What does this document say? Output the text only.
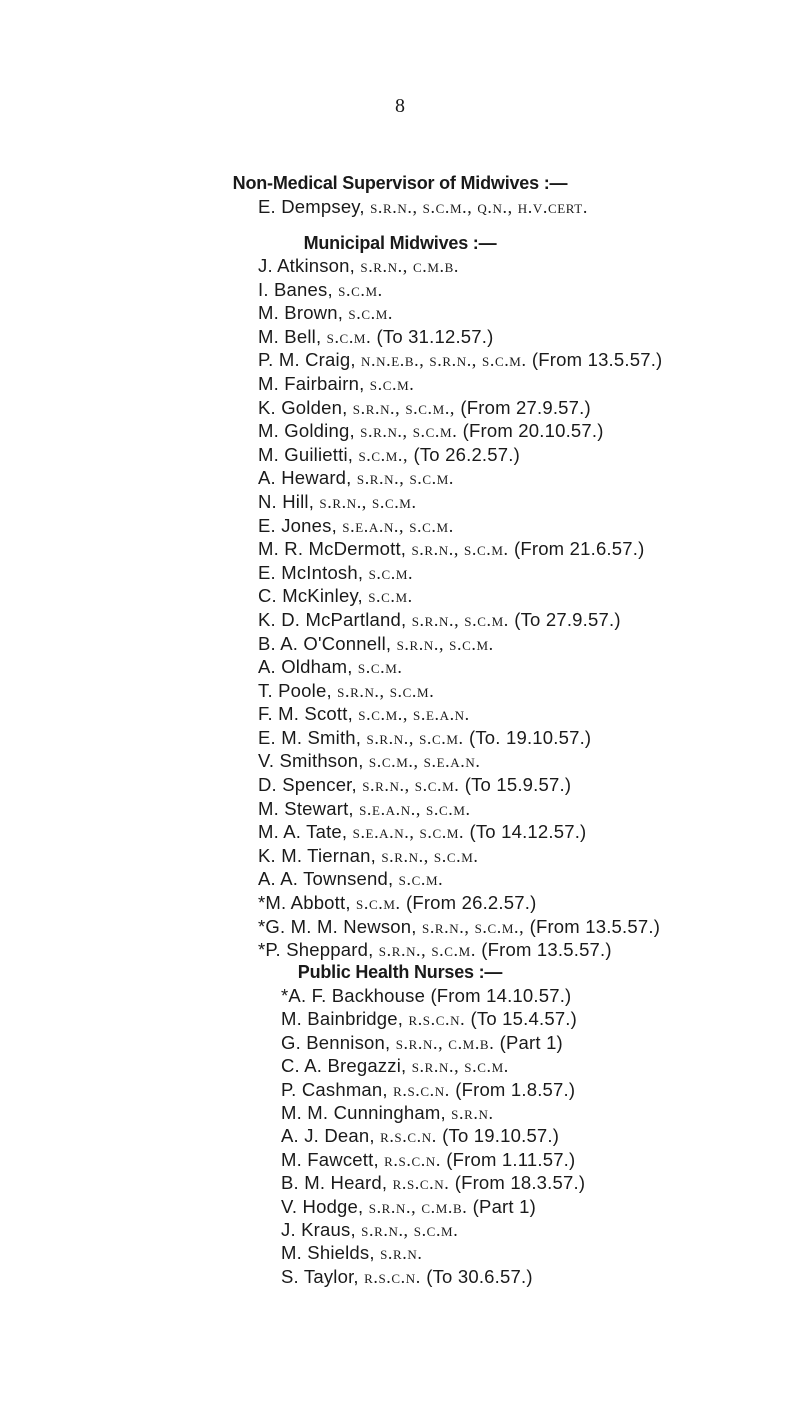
8
Non-Medical Supervisor of Midwives :—
E. Dempsey, s.r.n., s.c.m., q.n., h.v.cert.
Municipal Midwives :—
J. Atkinson, s.r.n., c.m.b.
I. Banes, s.c.m.
M. Brown, s.c.m.
M. Bell, s.c.m. (To 31.12.57.)
P. M. Craig, n.n.e.b., s.r.n., s.c.m. (From 13.5.57.)
M. Fairbairn, s.c.m.
K. Golden, s.r.n., s.c.m., (From 27.9.57.)
M. Golding, s.r.n., s.c.m. (From 20.10.57.)
M. Guilietti, s.c.m., (To 26.2.57.)
A. Heward, s.r.n., s.c.m.
N. Hill, s.r.n., s.c.m.
E. Jones, s.e.a.n., s.c.m.
M. R. McDermott, s.r.n., s.c.m. (From 21.6.57.)
E. McIntosh, s.c.m.
C. McKinley, s.c.m.
K. D. McPartland, s.r.n., s.c.m. (To 27.9.57.)
B. A. O'Connell, s.r.n., s.c.m.
A. Oldham, s.c.m.
T. Poole, s.r.n., s.c.m.
F. M. Scott, s.c.m., s.e.a.n.
E. M. Smith, s.r.n., s.c.m. (To. 19.10.57.)
V. Smithson, s.c.m., s.e.a.n.
D. Spencer, s.r.n., s.c.m. (To 15.9.57.)
M. Stewart, s.e.a.n., s.c.m.
M. A. Tate, s.e.a.n., s.c.m. (To 14.12.57.)
K. M. Tiernan, s.r.n., s.c.m.
A. A. Townsend, s.c.m.
*M. Abbott, s.c.m. (From 26.2.57.)
*G. M. M. Newson, s.r.n., s.c.m., (From 13.5.57.)
*P. Sheppard, s.r.n., s.c.m. (From 13.5.57.)
Public Health Nurses :—
*A. F. Backhouse (From 14.10.57.)
M. Bainbridge, r.s.c.n. (To 15.4.57.)
G. Bennison, s.r.n., c.m.b. (Part 1)
C. A. Bregazzi, s.r.n., s.c.m.
P. Cashman, r.s.c.n. (From 1.8.57.)
M. M. Cunningham, s.r.n.
A. J. Dean, r.s.c.n. (To 19.10.57.)
M. Fawcett, r.s.c.n. (From 1.11.57.)
B. M. Heard, r.s.c.n. (From 18.3.57.)
V. Hodge, s.r.n., c.m.b. (Part 1)
J. Kraus, s.r.n., s.c.m.
M. Shields, s.r.n.
S. Taylor, r.s.c.n. (To 30.6.57.)
